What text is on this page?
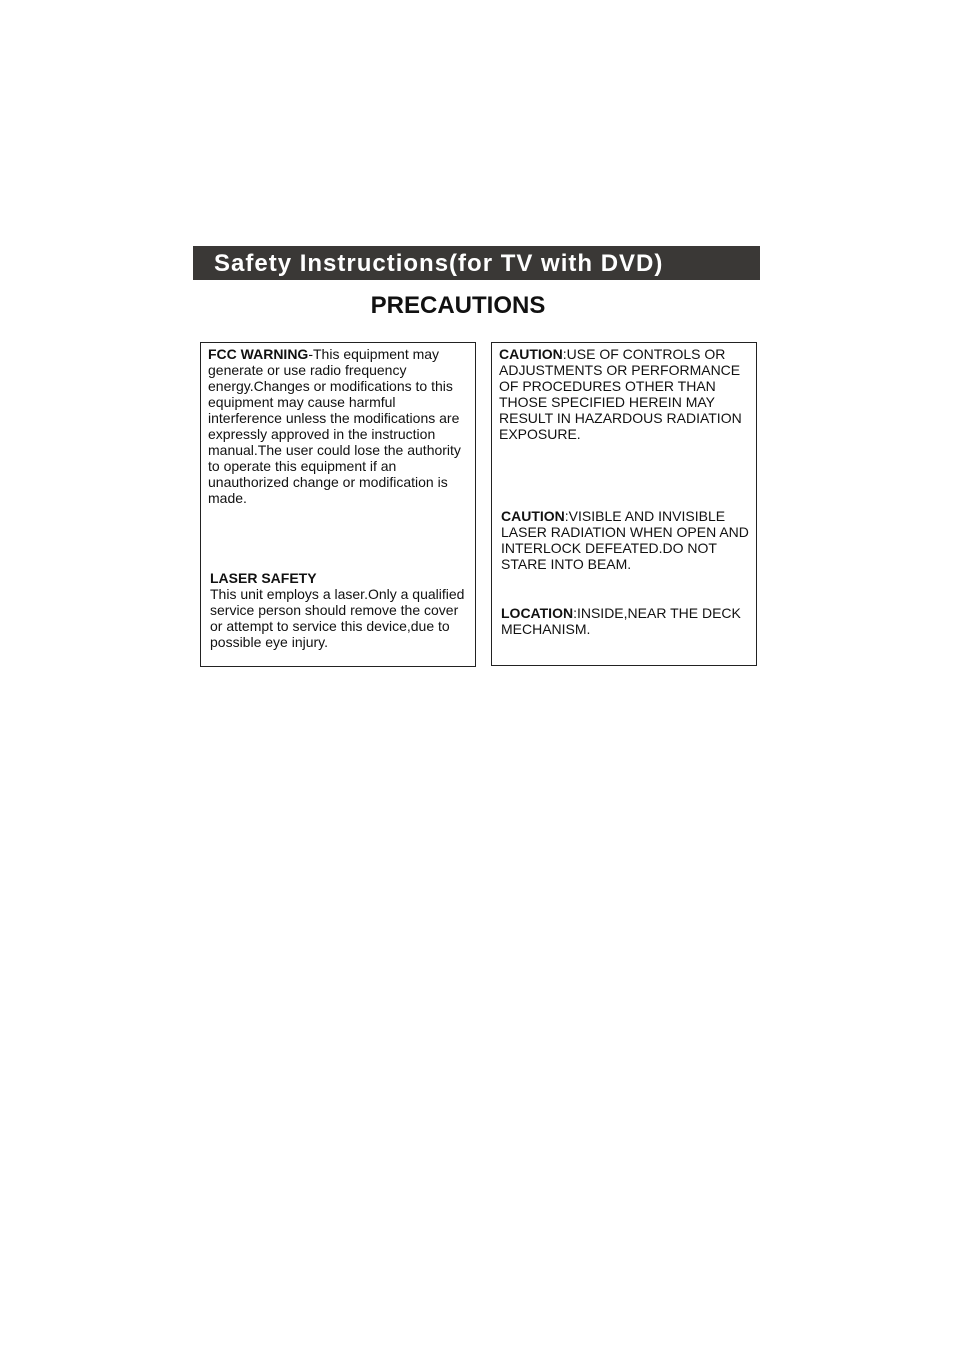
Safety Instructions(for TV with DVD)
PRECAUTIONS
FCC WARNING-This equipment may generate or use radio frequency energy.Changes or modifications to this equipment may cause harmful interference unless the modifications are expressly approved in the instruction manual.The user could lose the authority to operate this equipment if an unauthorized change or modification is made.
LASER SAFETY
This unit employs a laser.Only a qualified service person should remove the cover or attempt to service this device,due to possible eye injury.
CAUTION:USE OF CONTROLS OR ADJUSTMENTS OR PERFORMANCE OF PROCEDURES OTHER THAN THOSE SPECIFIED HEREIN MAY RESULT IN HAZARDOUS RADIATION EXPOSURE.
CAUTION:VISIBLE AND INVISIBLE LASER RADIATION WHEN OPEN AND INTERLOCK DEFEATED.DO NOT STARE INTO BEAM.
LOCATION:INSIDE,NEAR THE DECK MECHANISM.
